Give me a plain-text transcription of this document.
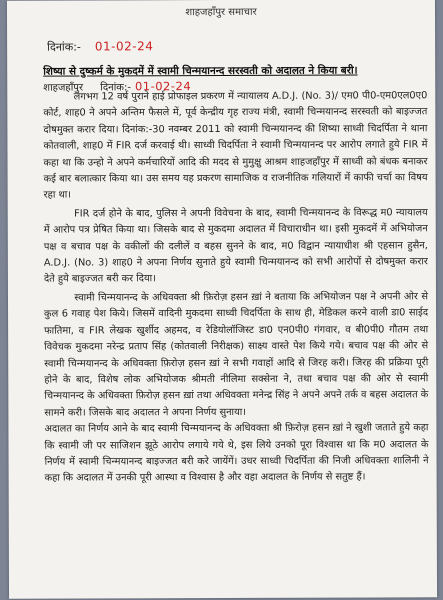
शाहजहाँपुर समाचार
दिनांक:- 01-02-24
शिष्या से दुष्कर्म के मुकदमें में स्वामी चिन्मयानन्द सरस्वती को अदालत ने किया बरी।
शाहजहाँपुर दिनांक:- 01-02-24

लगभग 12 वर्ष पुराने हाई प्रोफाइल प्रकरण में न्यायालय A.D.J. (No. 3)/ एम0 पी0-एम0एल0ए0 कोर्ट, शाह0 ने अपने अन्तिम फैसले में, पूर्व केन्द्रीय गृह राज्य मंत्री, स्वामी चिन्मयानन्द सरस्वती को बाइज्जत दोषमुक्त करार दिया। दिनांक:-30 नवम्बर 2011 को स्वामी चिन्मयानन्द की शिष्या साध्वी चिदर्पिता ने थाना कोतवाली, शाह0 में FIR दर्ज करवाई थी। साध्वी चिदर्पिता ने स्वामी चिन्मयानन्द पर आरोप लगाते हुये FIR में कहा था कि उन्हो ने अपने कर्मचारियों आदि की मदद से मुमुक्षु आश्रम शाहजहाँपुर में साध्वी को बंधक बनाकर कई बार बलात्कार किया था। उस समय यह प्रकरण सामाजिक व राजनीतिक गलियारों में काफी चर्चा का विषय रहा था।

FIR दर्ज होने के बाद, पुलिस ने अपनी विवेचना के बाद, स्वामी चिन्मयानन्द के विरूद्ध म0 न्यायालय में आरोप पत्र प्रेषित किया था। जिसके बाद से मुकदमा अदालत में विचाराधीन था। इसी मुकदमें में अभियोजन पक्ष व बचाव पक्ष के वकीलों की दलीलें व बहस सुनने के बाद, म0 विद्वान न्यायाधीश श्री एहसान हुसैन, A.D.J. (No. 3) शाह0 ने अपना निर्णय सुनाते हुये स्वामी चिन्मयानन्द को सभी आरोपों से दोषमुक्त करार देते हुये बाइज्जत बरी कर दिया।

स्वामी चिन्मयानन्द के अधिवक्ता श्री फ़िरोज़ हसन ख़ां ने बताया कि अभियोजन पक्ष ने अपनी ओर से कुल 6 गवाह पेश किये। जिसमें वादिनी मुकदमा साध्वी चिदर्पिता के साथ ही, मेडिकल करने वाली डा0 साईद फातिमा, व FIR लेखक खुर्शीद अहमद, व रेडियोलॉजिस्ट डा0 एन0पी0 गंगवार, व बी0पी0 गौतम तथा विवेचक मुकदमा नरेन्द्र प्रताप सिंह (कोतवाली निरीक्षक) साक्ष्य वास्ते पेश किये गये। बचाव पक्ष की ओर से स्वामी चिन्मयानन्द के अधिवक्ता फ़िरोज़ हसन ख़ां ने सभी गवाहों आदि से जिरह करी। जिरह की प्रक्रिया पूरी होने के बाद, विशेष लोक अभियोजक श्रीमती नीलिमा सक्सेना ने, तथा बचाव पक्ष की ओर से स्वामी चिन्मयानन्द के अधिवक्ता फ़िरोज़ हसन ख़ां तथा अधिवक्ता मनेन्द्र सिंह ने अपने अपने तर्क व बहस अदालत के सामने करी। जिसके बाद अदालत ने अपना निर्णय सुनाया।

अदालत का निर्णय आने के बाद स्वामी चिन्मयानन्द के अधिवक्ता श्री फ़िरोज़ हसन ख़ां ने खुशी जताते हुये कहा कि स्वामी जी पर साजिशन झूठे आरोप लगाये गये थे, इस लिये उनको पूरा विश्वास था कि म0 अदालत के निर्णय में स्वामी चिन्मयानन्द बाइज्जत बरी करे जायेंगें। उधर साध्वी चिदर्पिता की निजी अधिवक्ता शालिनी ने कहा कि अदालत में उनकी पूरी आस्था व विश्वास है और वहा अदालत के निर्णय से सतुष्ट हैं।
